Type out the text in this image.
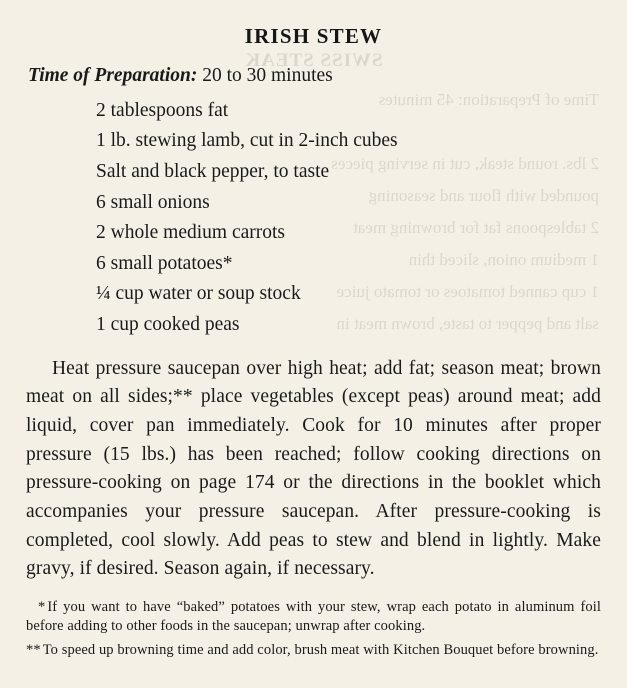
SWISS STEAK
Time of Preparation: 45 minutes
2 lbs. round steak, cut in serving pieces
pounded with flour and seasoning
2 tablespoons fat for browning meat
1 medium onion, sliced thin
1 cup canned tomatoes or tomato juice
salt and pepper to taste, brown meat in
IRISH STEW

Time of Preparation: 20 to 30 minutes

2 tablespoons fat
1 lb. stewing lamb, cut in 2-inch cubes
Salt and black pepper, to taste
6 small onions
2 whole medium carrots
6 small potatoes*
¼ cup water or soup stock
1 cup cooked peas

Heat pressure saucepan over high heat; add fat; season meat; brown meat on all sides;** place vegetables (except peas) around meat; add liquid, cover pan immediately. Cook for 10 minutes after proper pressure (15 lbs.) has been reached; follow cooking directions on pressure-cooking on page 174 or the directions in the booklet which accompanies your pressure saucepan. After pressure-cooking is completed, cool slowly. Add peas to stew and blend in lightly. Make gravy, if desired. Season again, if necessary.

* If you want to have “baked” potatoes with your stew, wrap each potato in aluminum foil before adding to other foods in the saucepan; unwrap after cooking.

** To speed up browning time and add color, brush meat with Kitchen Bouquet before browning.
